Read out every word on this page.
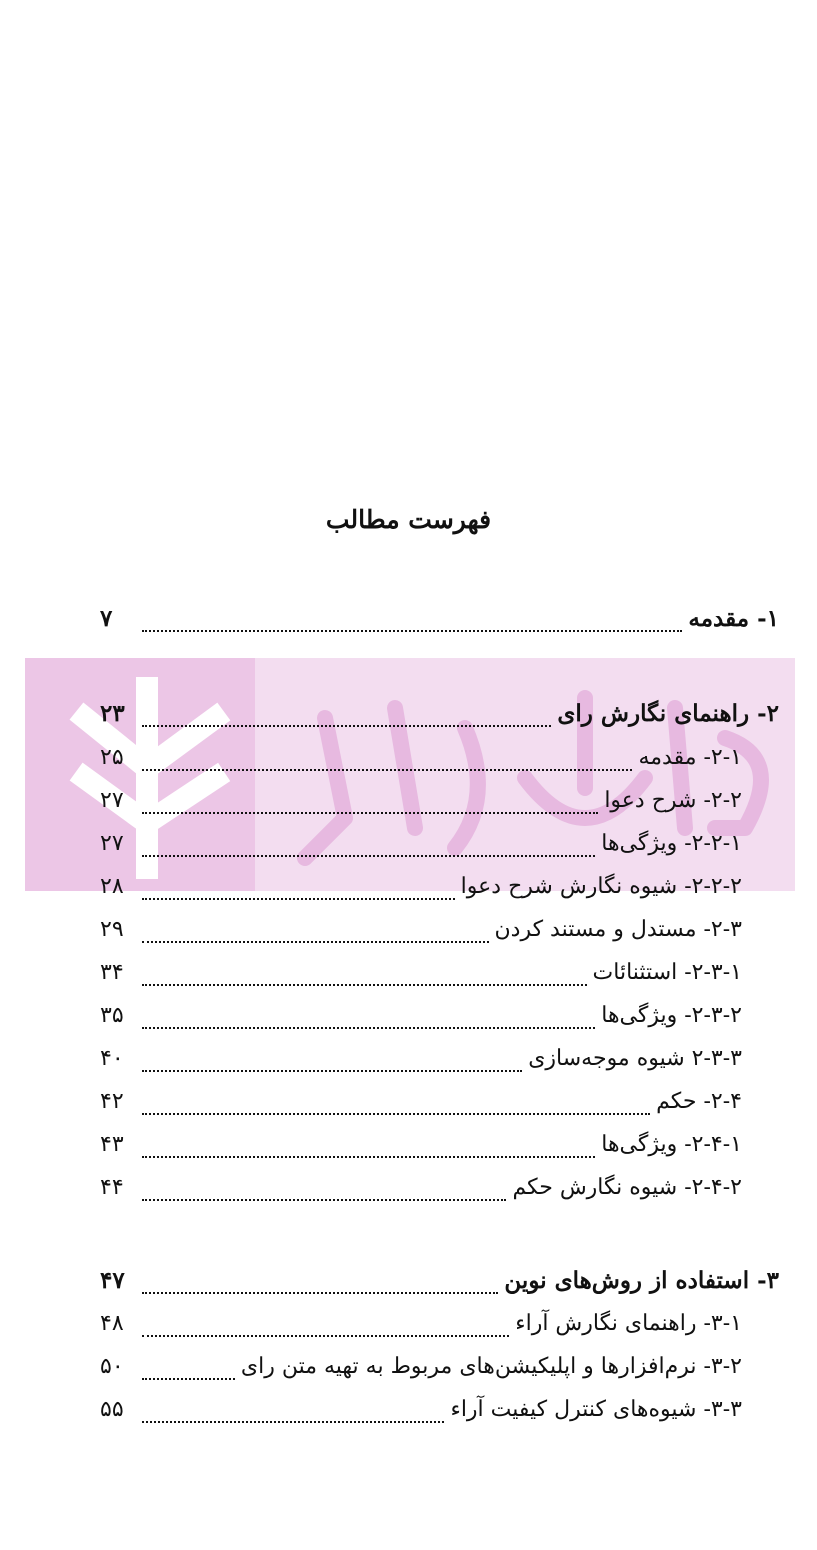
فهرست مطالب
۱- مقدمه
۷
۲- راهنمای نگارش رای
۲۳
۲-۱- مقدمه
۲۵
۲-۲- شرح دعوا
۲۷
۲-۲-۱- ویژگی‌ها
۲۷
۲-۲-۲- شیوه نگارش شرح دعوا
۲۸
۲-۳- مستدل و مستند کردن
۲۹
۲-۳-۱- استثنائات
۳۴
۲-۳-۲- ویژگی‌ها
۳۵
۲-۳-۳ شیوه موجه‌سازی
۴۰
۲-۴- حکم
۴۲
۲-۴-۱- ویژگی‌ها
۴۳
۲-۴-۲- شیوه نگارش حکم
۴۴
۳- استفاده از روش‌های نوین
۴۷
۳-۱- راهنمای نگارش آراء
۴۸
۳-۲- نرم‌افزارها و اپلیکیشن‌های مربوط به تهیه متن رای
۵۰
۳-۳- شیوه‌های کنترل کیفیت آراء
۵۵
